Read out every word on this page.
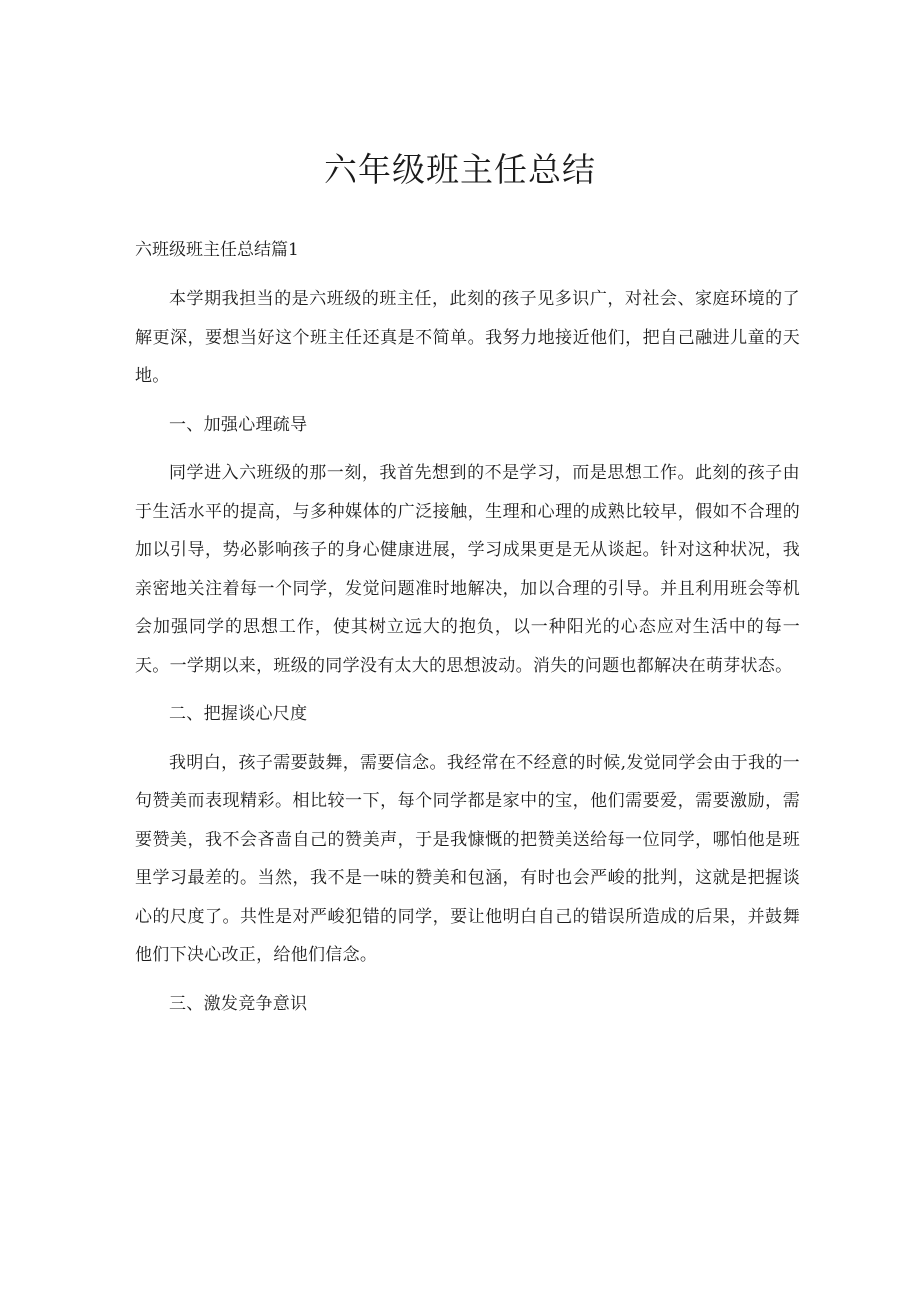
六年级班主任总结
六班级班主任总结篇1

本学期我担当的是六班级的班主任，此刻的孩子见多识广，对社会、家庭环境的了解更深，要想当好这个班主任还真是不简单。我努力地接近他们，把自己融进儿童的天地。

一、加强心理疏导

同学进入六班级的那一刻，我首先想到的不是学习，而是思想工作。此刻的孩子由于生活水平的提高，与多种媒体的广泛接触，生理和心理的成熟比较早，假如不合理的加以引导，势必影响孩子的身心健康进展，学习成果更是无从谈起。针对这种状况，我亲密地关注着每一个同学，发觉问题准时地解决，加以合理的引导。并且利用班会等机会加强同学的思想工作，使其树立远大的抱负，以一种阳光的心态应对生活中的每一天。一学期以来，班级的同学没有太大的思想波动。消失的问题也都解决在萌芽状态。

二、把握谈心尺度

我明白，孩子需要鼓舞，需要信念。我经常在不经意的时候,发觉同学会由于我的一句赞美而表现精彩。相比较一下，每个同学都是家中的宝，他们需要爱，需要激励，需要赞美，我不会吝啬自己的赞美声，于是我慷慨的把赞美送给每一位同学，哪怕他是班里学习最差的。当然，我不是一味的赞美和包涵，有时也会严峻的批判，这就是把握谈心的尺度了。共性是对严峻犯错的同学，要让他明白自己的错误所造成的后果，并鼓舞他们下决心改正，给他们信念。

三、激发竞争意识
